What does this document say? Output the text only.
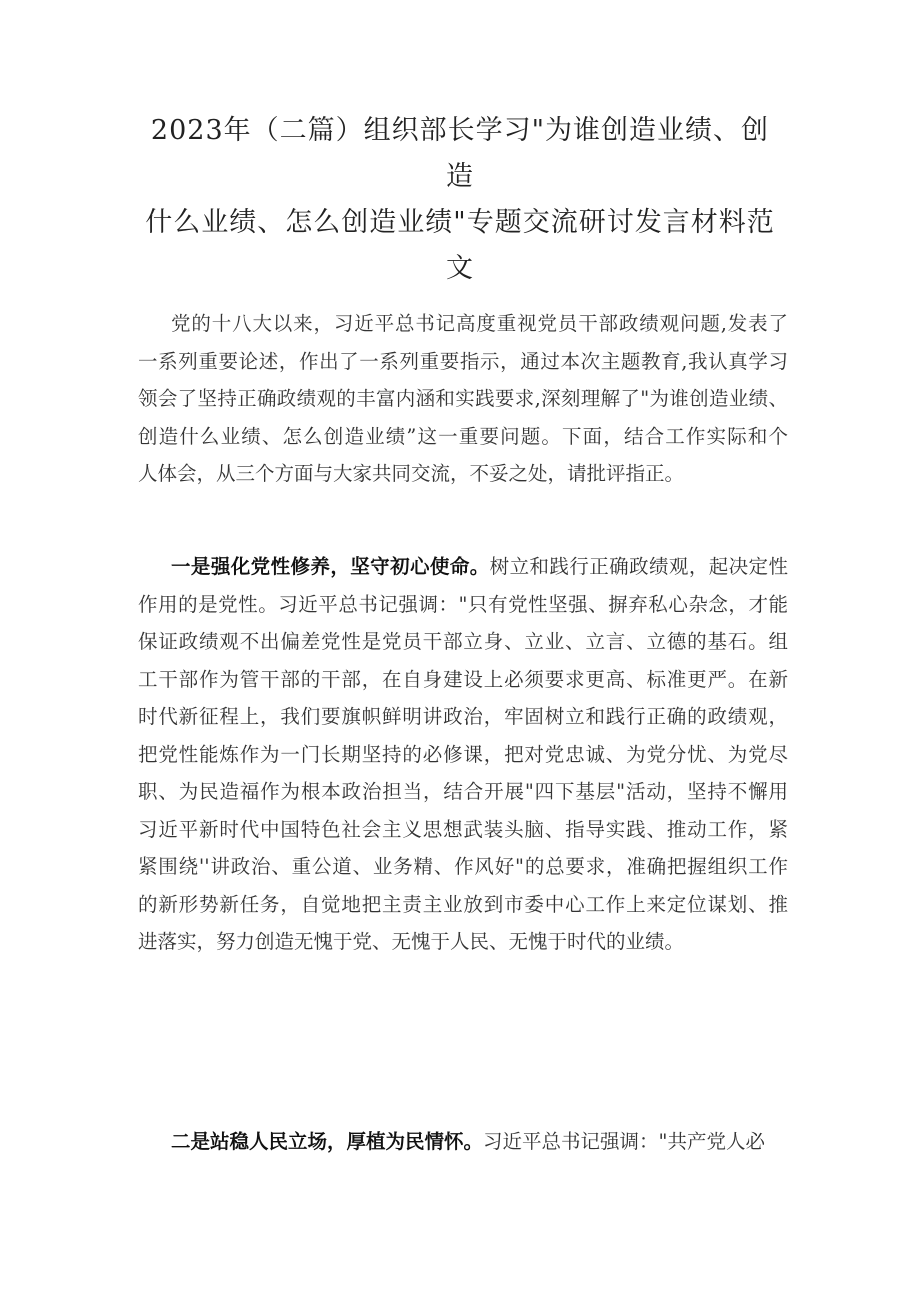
2023年（二篇）组织部长学习"为谁创造业绩、创造
什么业绩、怎么创造业绩"专题交流研讨发言材料范
文
党的十八大以来，习近平总书记高度重视党员干部政绩观问题,发表了
一系列重要论述，作出了一系列重要指示，通过本次主题教育,我认真学习
领会了坚持正确政绩观的丰富内涵和实践要求,深刻理解了"为谁创造业绩、
创造什么业绩、怎么创造业绩”这一重要问题。下面，结合工作实际和个
人体会，从三个方面与大家共同交流，不妥之处，请批评指正。
一是强化党性修养，坚守初心使命。树立和践行正确政绩观，起决定性
作用的是党性。习近平总书记强调："只有党性坚强、摒弃私心杂念，才能
保证政绩观不出偏差党性是党员干部立身、立业、立言、立德的基石。组
工干部作为管干部的干部，在自身建设上必须要求更高、标准更严。在新
时代新征程上，我们要旗帜鲜明讲政治，牢固树立和践行正确的政绩观，
把党性能炼作为一门长期坚持的必修课，把对党忠诚、为党分忧、为党尽
职、为民造福作为根本政治担当，结合开展"四下基层"活动，坚持不懈用
习近平新时代中国特色社会主义思想武装头脑、指导实践、推动工作，紧
紧围绕''讲政治、重公道、业务精、作风好"的总要求，准确把握组织工作
的新形势新任务，自觉地把主责主业放到市委中心工作上来定位谋划、推
进落实，努力创造无愧于党、无愧于人民、无愧于时代的业绩。
二是站稳人民立场，厚植为民情怀。习近平总书记强调："共产党人必
